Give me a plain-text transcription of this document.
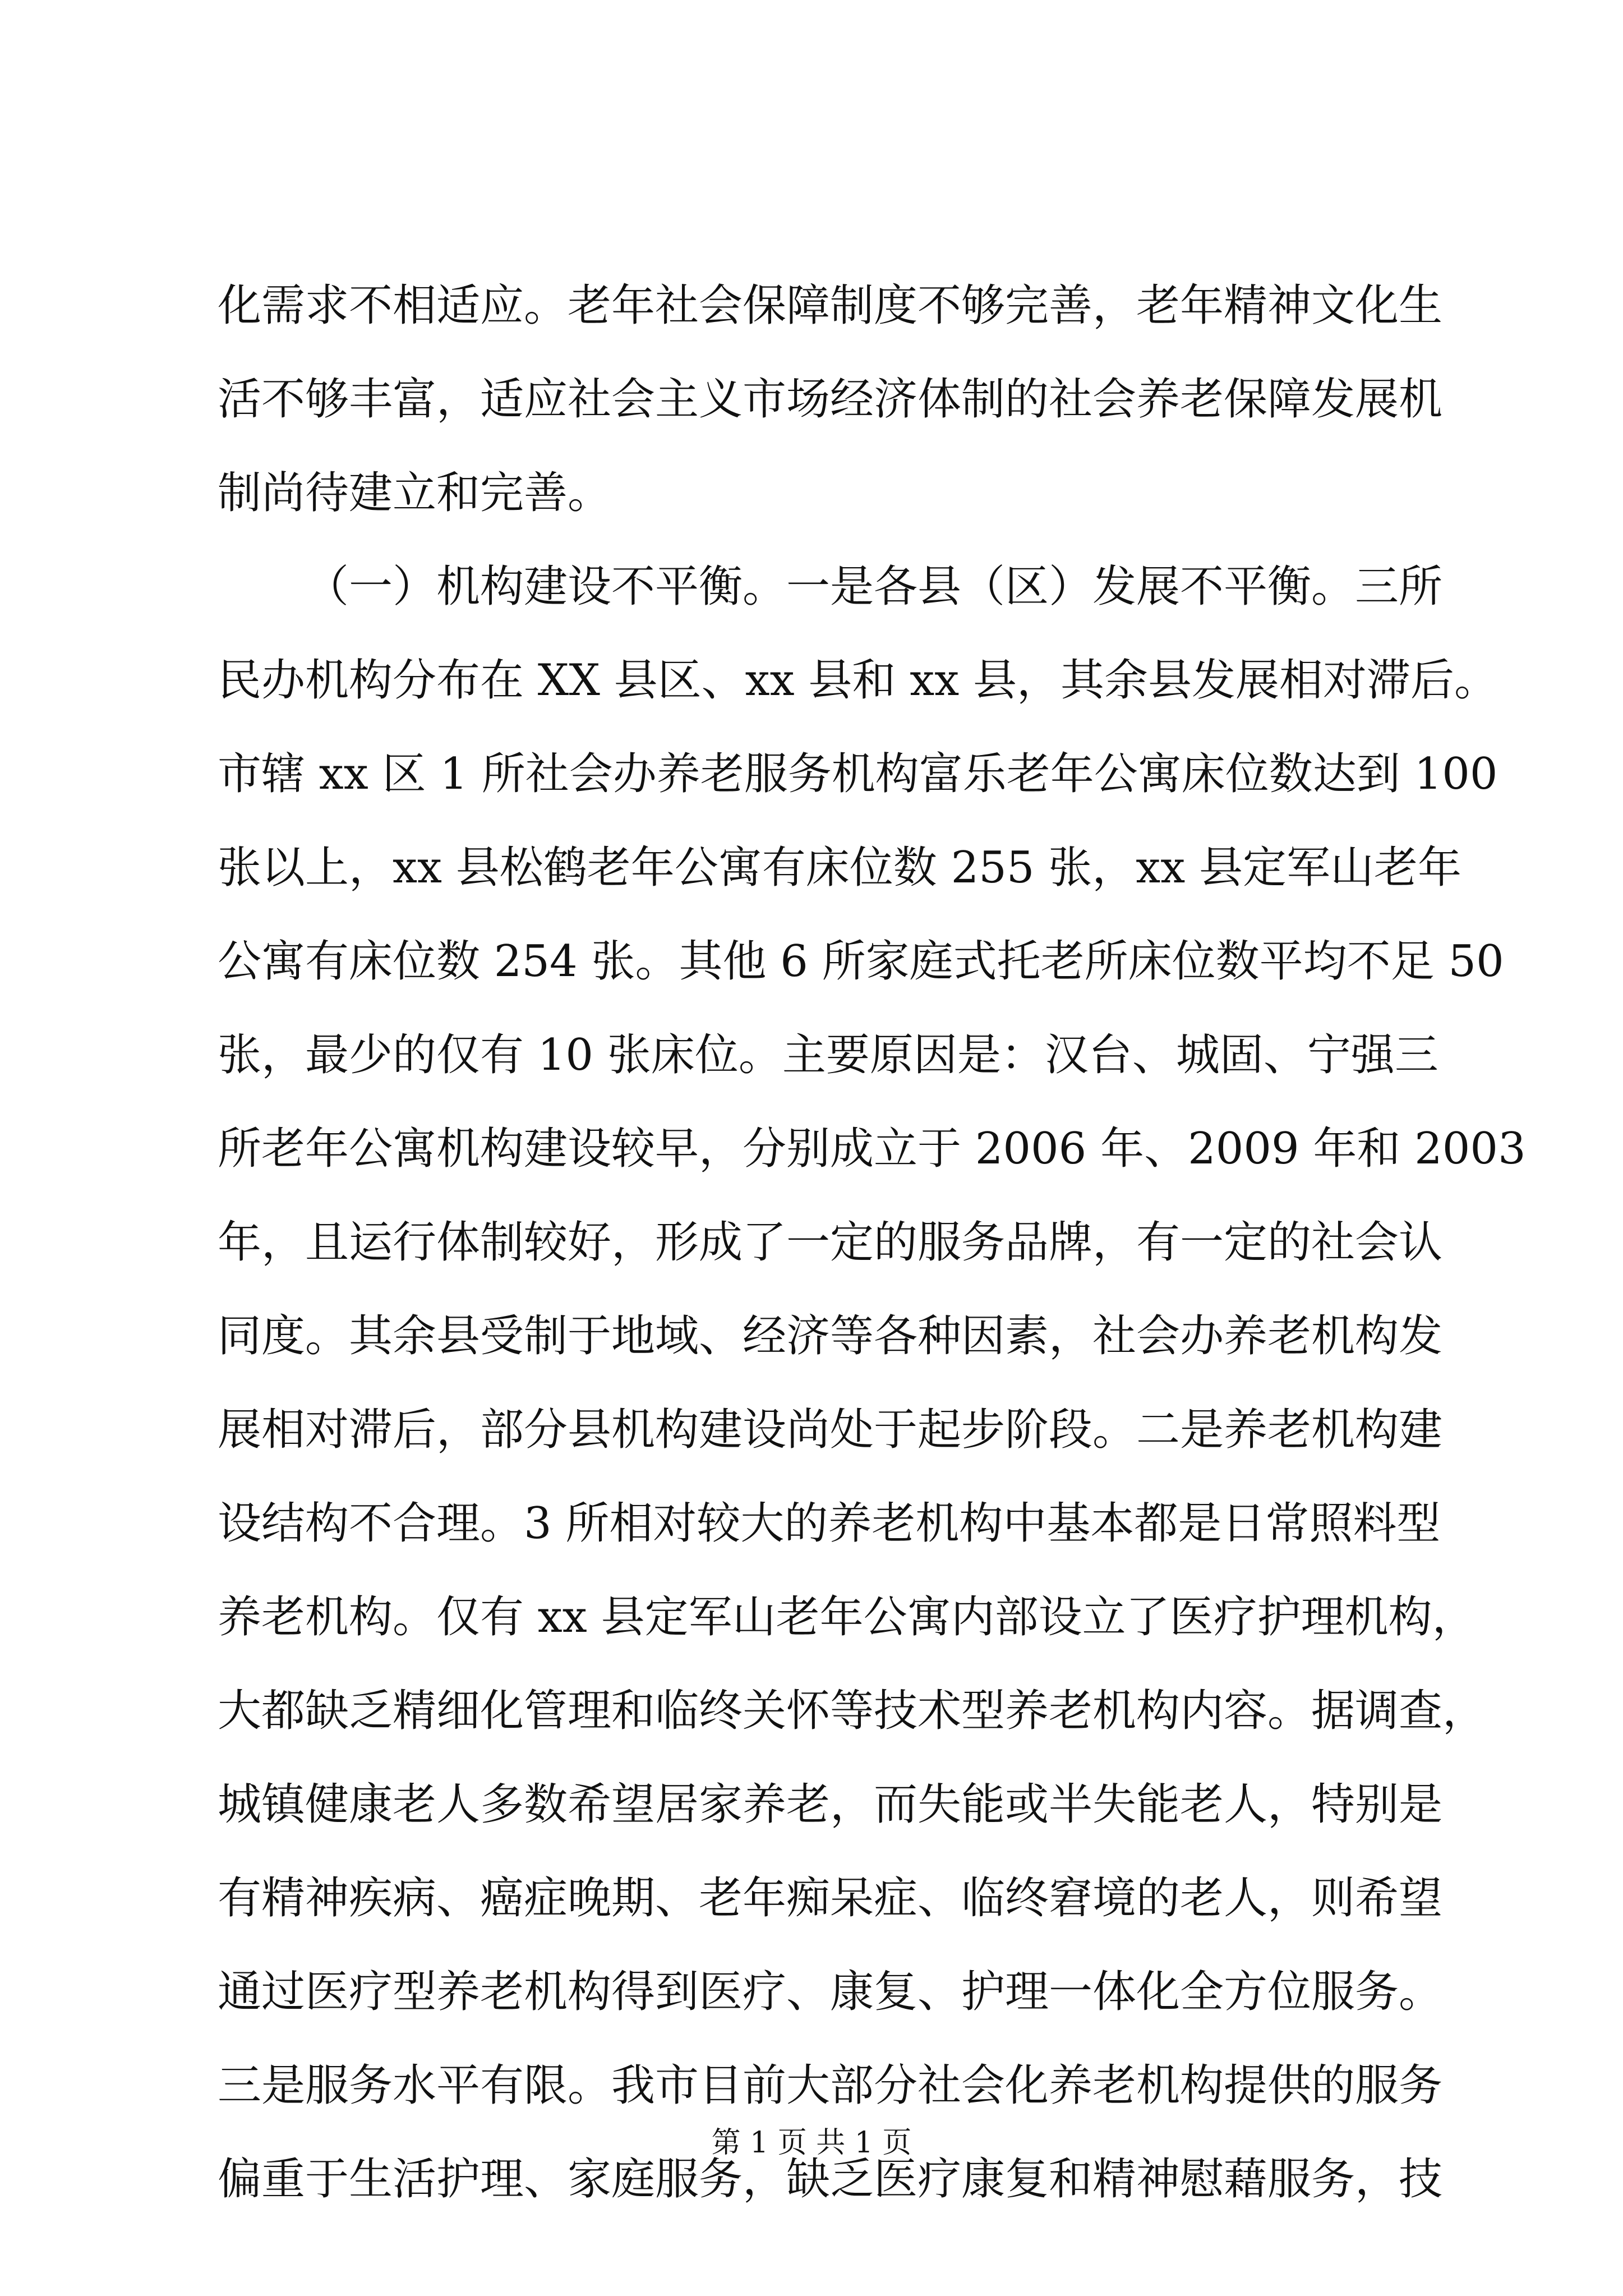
化需求不相适应。老年社会保障制度不够完善，老年精神文化生
活不够丰富，适应社会主义市场经济体制的社会养老保障发展机
制尚待建立和完善。
（一）机构建设不平衡。一是各县（区）发展不平衡。三所
民办机构分布在 XX 县区、xx 县和 xx 县，其余县发展相对滞后。
市辖 xx 区 1 所社会办养老服务机构富乐老年公寓床位数达到 100
张以上，xx 县松鹤老年公寓有床位数 255 张，xx 县定军山老年
公寓有床位数 254 张。其他 6 所家庭式托老所床位数平均不足 50
张，最少的仅有 10 张床位。主要原因是：汉台、城固、宁强三
所老年公寓机构建设较早，分别成立于 2006 年、2009 年和 2003
年，且运行体制较好，形成了一定的服务品牌，有一定的社会认
同度。其余县受制于地域、经济等各种因素，社会办养老机构发
展相对滞后，部分县机构建设尚处于起步阶段。二是养老机构建
设结构不合理。3 所相对较大的养老机构中基本都是日常照料型
养老机构。仅有 xx 县定军山老年公寓内部设立了医疗护理机构，
大都缺乏精细化管理和临终关怀等技术型养老机构内容。据调查，
城镇健康老人多数希望居家养老，而失能或半失能老人，特别是
有精神疾病、癌症晚期、老年痴呆症、临终窘境的老人，则希望
通过医疗型养老机构得到医疗、康复、护理一体化全方位服务。
三是服务水平有限。我市目前大部分社会化养老机构提供的服务
偏重于生活护理、家庭服务，缺乏医疗康复和精神慰藉服务，技
第 1 页 共 1 页
